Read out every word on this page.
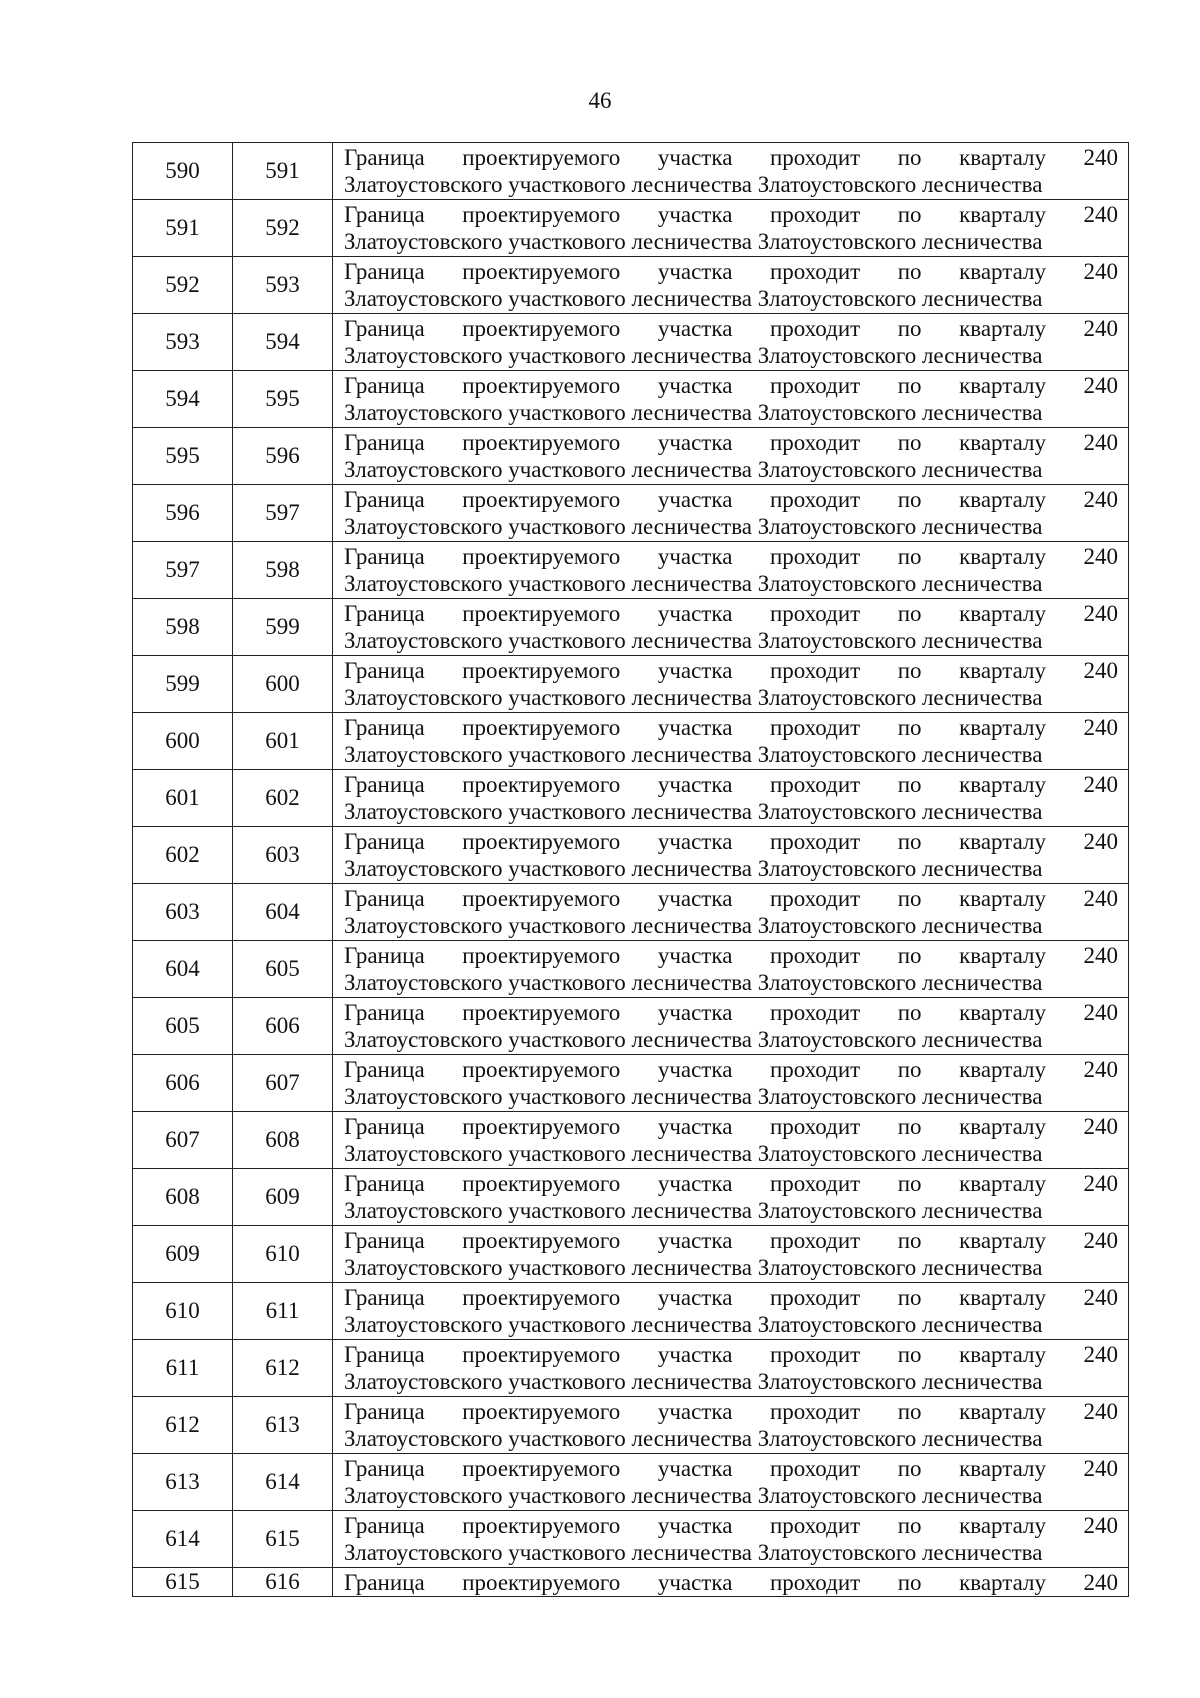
46
590	591	Граница проектируемого участка проходит по кварталу 240
Златоустовского участкового лесничества Златоустовского лесничества

591	592	Граница проектируемого участка проходит по кварталу 240
Златоустовского участкового лесничества Златоустовского лесничества

592	593	Граница проектируемого участка проходит по кварталу 240
Златоустовского участкового лесничества Златоустовского лесничества

593	594	Граница проектируемого участка проходит по кварталу 240
Златоустовского участкового лесничества Златоустовского лесничества

594	595	Граница проектируемого участка проходит по кварталу 240
Златоустовского участкового лесничества Златоустовского лесничества

595	596	Граница проектируемого участка проходит по кварталу 240
Златоустовского участкового лесничества Златоустовского лесничества

596	597	Граница проектируемого участка проходит по кварталу 240
Златоустовского участкового лесничества Златоустовского лесничества

597	598	Граница проектируемого участка проходит по кварталу 240
Златоустовского участкового лесничества Златоустовского лесничества

598	599	Граница проектируемого участка проходит по кварталу 240
Златоустовского участкового лесничества Златоустовского лесничества

599	600	Граница проектируемого участка проходит по кварталу 240
Златоустовского участкового лесничества Златоустовского лесничества

600	601	Граница проектируемого участка проходит по кварталу 240
Златоустовского участкового лесничества Златоустовского лесничества

601	602	Граница проектируемого участка проходит по кварталу 240
Златоустовского участкового лесничества Златоустовского лесничества

602	603	Граница проектируемого участка проходит по кварталу 240
Златоустовского участкового лесничества Златоустовского лесничества

603	604	Граница проектируемого участка проходит по кварталу 240
Златоустовского участкового лесничества Златоустовского лесничества

604	605	Граница проектируемого участка проходит по кварталу 240
Златоустовского участкового лесничества Златоустовского лесничества

605	606	Граница проектируемого участка проходит по кварталу 240
Златоустовского участкового лесничества Златоустовского лесничества

606	607	Граница проектируемого участка проходит по кварталу 240
Златоустовского участкового лесничества Златоустовского лесничества

607	608	Граница проектируемого участка проходит по кварталу 240
Златоустовского участкового лесничества Златоустовского лесничества

608	609	Граница проектируемого участка проходит по кварталу 240
Златоустовского участкового лесничества Златоустовского лесничества

609	610	Граница проектируемого участка проходит по кварталу 240
Златоустовского участкового лесничества Златоустовского лесничества

610	611	Граница проектируемого участка проходит по кварталу 240
Златоустовского участкового лесничества Златоустовского лесничества

611	612	Граница проектируемого участка проходит по кварталу 240
Златоустовского участкового лесничества Златоустовского лесничества

612	613	Граница проектируемого участка проходит по кварталу 240
Златоустовского участкового лесничества Златоустовского лесничества

613	614	Граница проектируемого участка проходит по кварталу 240
Златоустовского участкового лесничества Златоустовского лесничества

614	615	Граница проектируемого участка проходит по кварталу 240
Златоустовского участкового лесничества Златоустовского лесничества

615	616	Граница проектируемого участка проходит по кварталу 240
